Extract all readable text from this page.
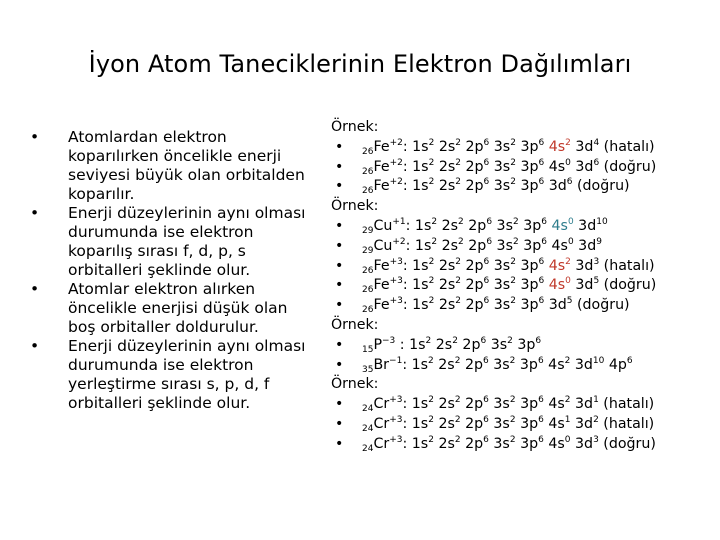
İyon Atom Taneciklerinin Elektron Dağılımları
•	Atomlardan elektron koparılırken öncelikle enerji seviyesi büyük olan orbitalden koparılır.
•	Enerji düzeylerinin aynı olması durumunda ise elektron koparılış sırası f, d, p, s orbitalleri şeklinde olur.
•	Atomlar elektron alırken öncelikle enerjisi düşük olan boş orbitaller doldurulur.
•	Enerji düzeylerinin aynı olması durumunda ise elektron yerleştirme sırası s, p, d, f orbitalleri şeklinde olur.
Örnek:
• $_{26}Fe^{+2}$: $1s^2$ $2s^2$ $2p^6$ $3s^2$ $3p^6$ $4s^2$ $3d^4$ (hatalı)
• $_{26}Fe^{+2}$: $1s^2$ $2s^2$ $2p^6$ $3s^2$ $3p^6$ $4s^0$ $3d^6$ (doğru)
• $_{26}Fe^{+2}$: $1s^2$ $2s^2$ $2p^6$ $3s^2$ $3p^6$ $3d^6$ (doğru)
Örnek:
• $_{29}Cu^{+1}$: $1s^2$ $2s^2$ $2p^6$ $3s^2$ $3p^6$ $4s^0$ $3d^{10}$
• $_{29}Cu^{+2}$: $1s^2$ $2s^2$ $2p^6$ $3s^2$ $3p^6$ $4s^0$ $3d^9$
• $_{26}Fe^{+3}$: $1s^2$ $2s^2$ $2p^6$ $3s^2$ $3p^6$ $4s^2$ $3d^3$ (hatalı)
• $_{26}Fe^{+3}$: $1s^2$ $2s^2$ $2p^6$ $3s^2$ $3p^6$ $4s^0$ $3d^5$ (doğru)
• $_{26}Fe^{+3}$: $1s^2$ $2s^2$ $2p^6$ $3s^2$ $3p^6$ $3d^5$ (doğru)
Örnek:
• $_{15}P^{-3}$ : $1s^2$ $2s^2$ $2p^6$ $3s^2$ $3p^6$
• $_{35}Br^{-1}$: $1s^2$ $2s^2$ $2p^6$ $3s^2$ $3p^6$ $4s^2$ $3d^{10}$ $4p^6$
Örnek:
• $_{24}Cr^{+3}$: $1s^2$ $2s^2$ $2p^6$ $3s^2$ $3p^6$ $4s^2$ $3d^1$ (hatalı)
• $_{24}Cr^{+3}$: $1s^2$ $2s^2$ $2p^6$ $3s^2$ $3p^6$ $4s^1$ $3d^2$ (hatalı)
• $_{24}Cr^{+3}$: $1s^2$ $2s^2$ $2p^6$ $3s^2$ $3p^6$ $4s^0$ $3d^3$ (doğru)
